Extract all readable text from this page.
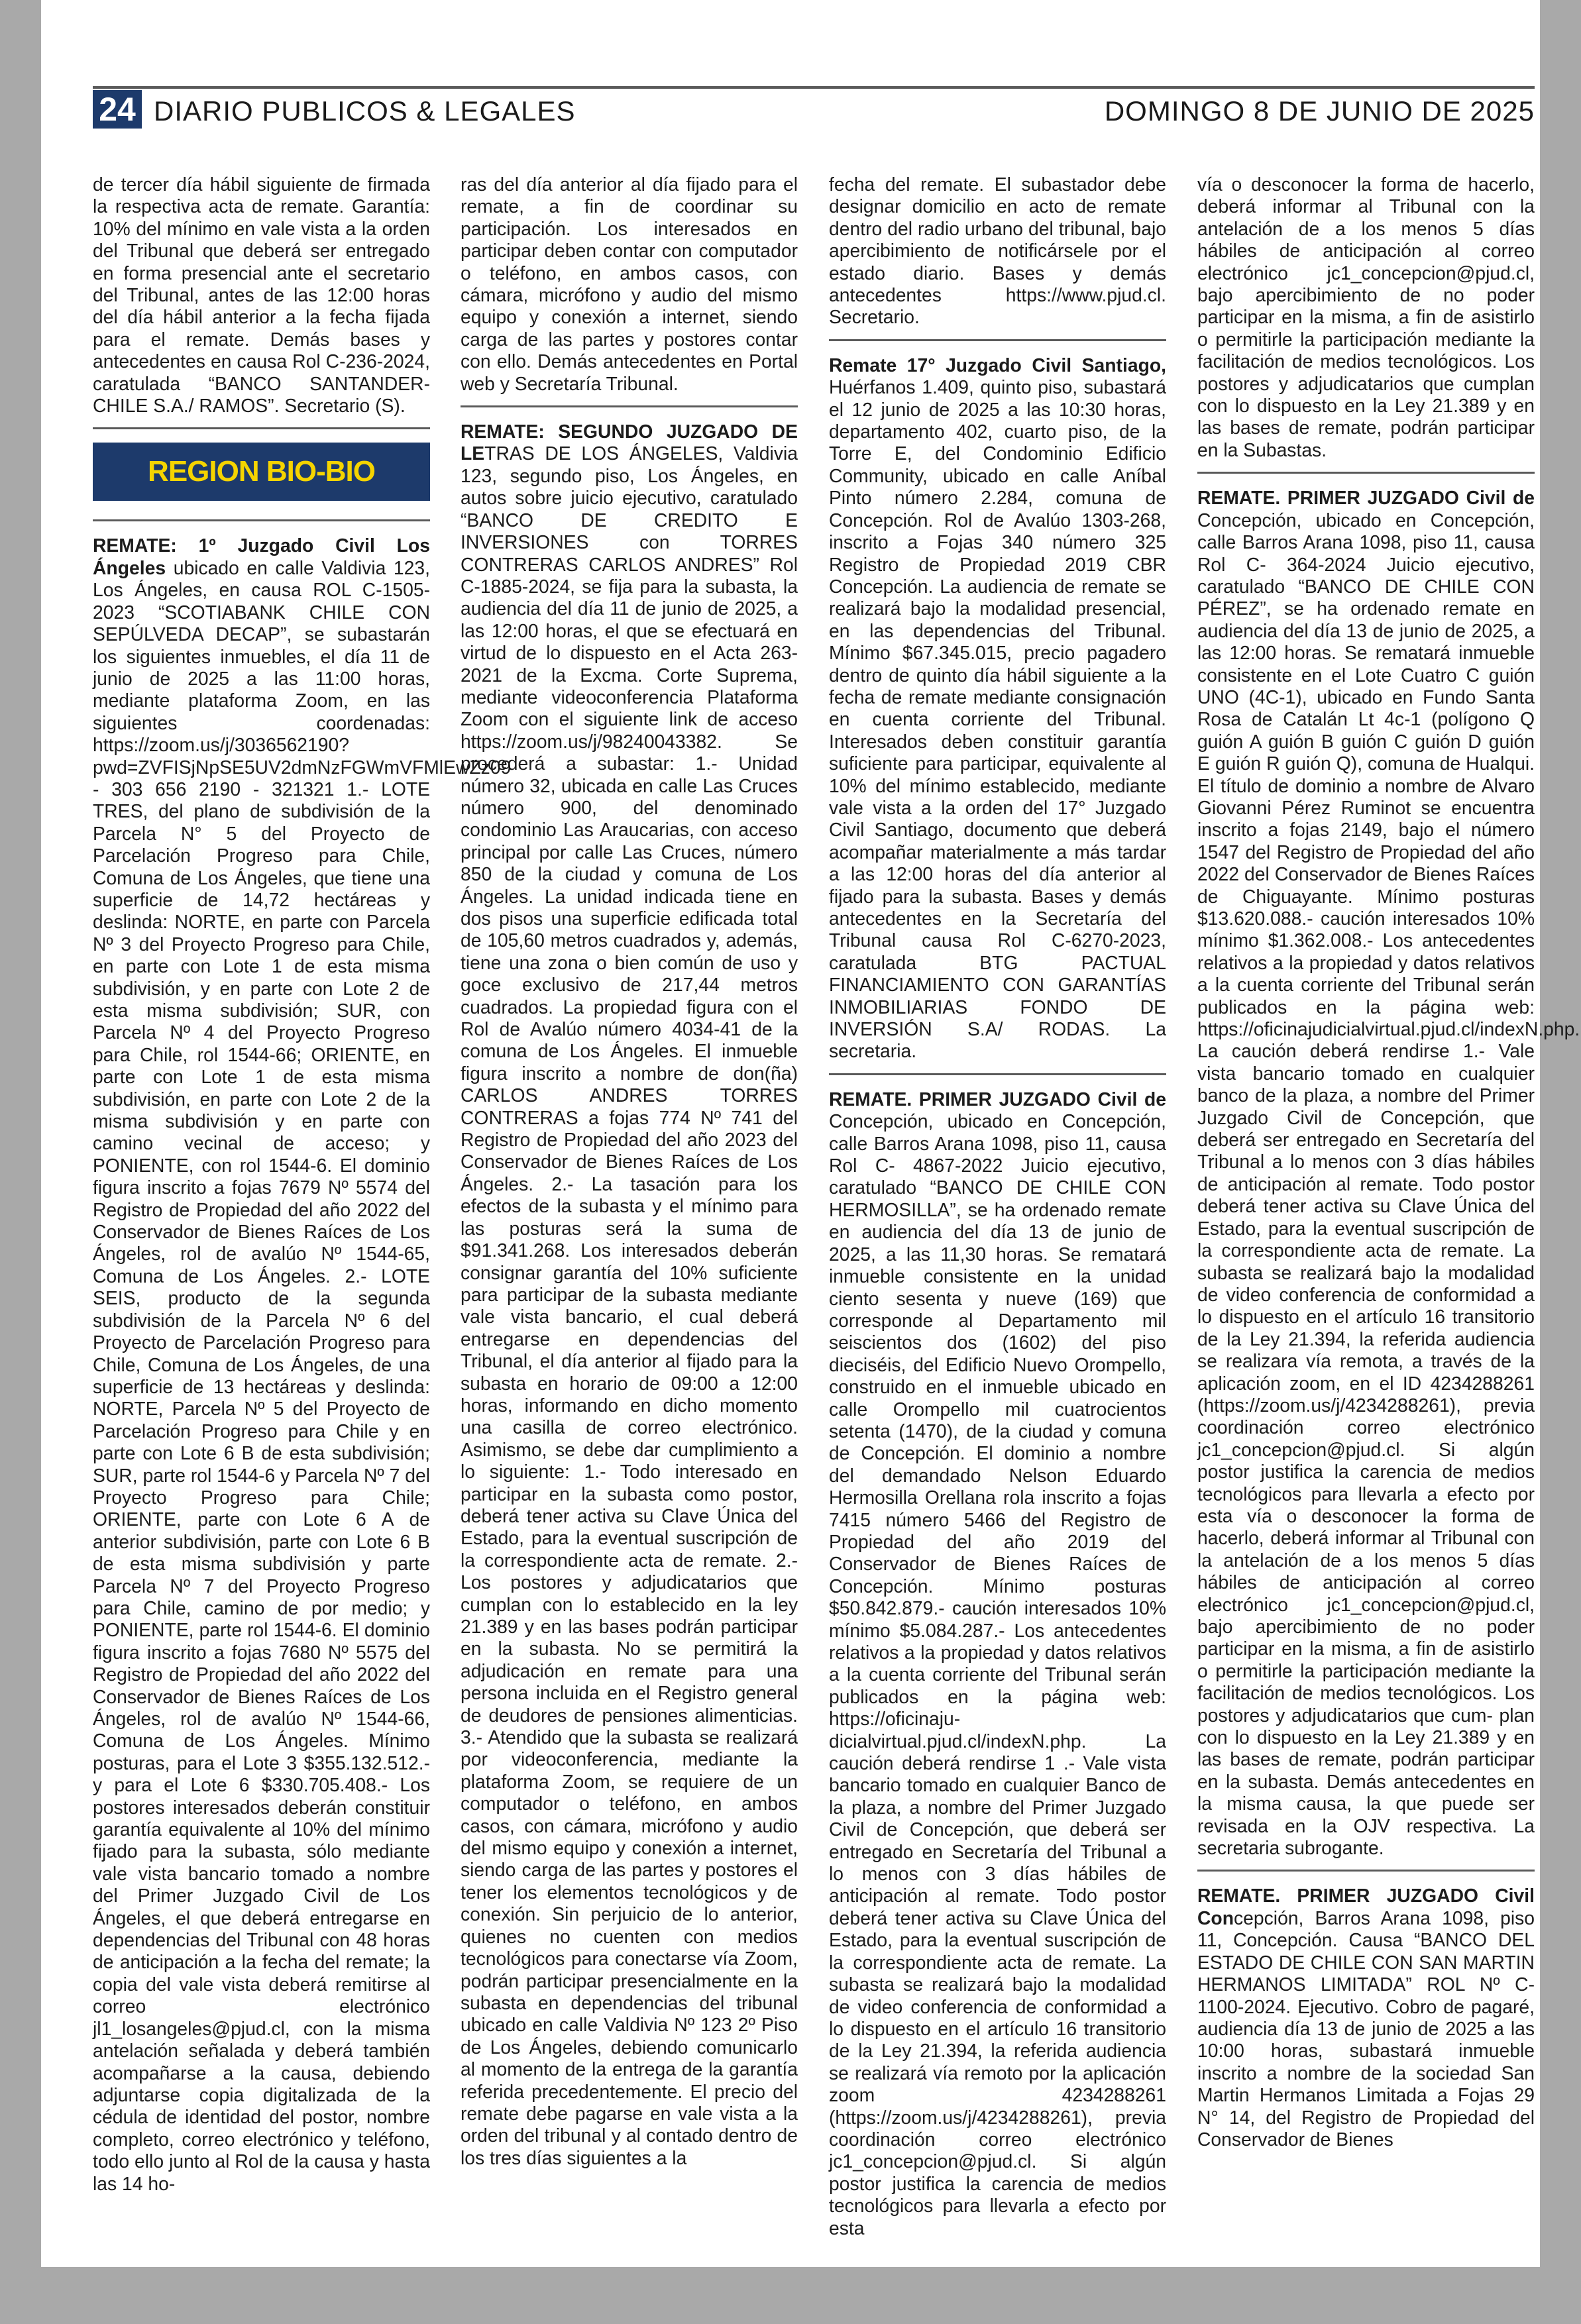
24 DIARIO PUBLICOS & LEGALES	DOMINGO 8 DE JUNIO DE 2025

de tercer día hábil siguiente de firmada la respectiva acta de remate. Garantía: 10% del mínimo en vale vista a la orden del Tribunal que deberá ser entregado en forma presencial ante el secretario del Tribunal, antes de las 12:00 horas del día hábil anterior a la fecha fijada para el remate. Demás bases y antecedentes en causa Rol C-236-2024, caratulada “BANCO SANTANDER-CHILE S.A./ RAMOS”. Secretario (S).

REGION BIO-BIO

REMATE: 1º Juzgado Civil Los Ángeles ubicado en calle Valdivia 123, Los Ángeles, en causa ROL C-1505-2023 “SCOTIABANK CHILE CON SEPÚLVEDA DECAP”, se subastarán los siguientes inmuebles, el día 11 de junio de 2025 a las 11:00 horas, mediante plataforma Zoom, en las siguientes coordenadas: https://zoom.us/j/3036562190?pwd=ZVFISjNpSE5UV2dmNzFGWmVFMlEwZz09 - 303 656 2190 - 321321 1.- LOTE TRES, del plano de subdivisión de la Parcela N° 5 del Proyecto de Parcelación Progreso para Chile, Comuna de Los Ángeles, que tiene una superficie de 14,72 hectáreas y deslinda: NORTE, en parte con Parcela Nº 3 del Proyecto Progreso para Chile, en parte con Lote 1 de esta misma subdivisión, y en parte con Lote 2 de esta misma subdivisión; SUR, con Parcela Nº 4 del Proyecto Progreso para Chile, rol 1544-66; ORIENTE, en parte con Lote 1 de esta misma subdivisión, en parte con Lote 2 de la misma subdivisión y en parte con camino vecinal de acceso; y PONIENTE, con rol 1544-6. El dominio figura inscrito a fojas 7679 Nº 5574 del Registro de Propiedad del año 2022 del Conservador de Bienes Raíces de Los Ángeles, rol de avalúo Nº 1544-65, Comuna de Los Ángeles. 2.- LOTE SEIS, producto de la segunda subdivisión de la Parcela Nº 6 del Proyecto de Parcelación Progreso para Chile, Comuna de Los Ángeles, de una superficie de 13 hectáreas y deslinda: NORTE, Parcela Nº 5 del Proyecto de Parcelación Progreso para Chile y en parte con Lote 6 B de esta subdivisión; SUR, parte rol 1544-6 y Parcela Nº 7 del Proyecto Progreso para Chile; ORIENTE, parte con Lote 6 A de anterior subdivisión, parte con Lote 6 B de esta misma subdivisión y parte Parcela Nº 7 del Proyecto Progreso para Chile, camino de por medio; y PONIENTE, parte rol 1544-6. El dominio figura inscrito a fojas 7680 Nº 5575 del Registro de Propiedad del año 2022 del Conservador de Bienes Raíces de Los Ángeles, rol de avalúo Nº 1544-66, Comuna de Los Ángeles. Mínimo posturas, para el Lote 3 $355.132.512.- y para el Lote 6 $330.705.408.- Los postores interesados deberán constituir garantía equivalente al 10% del mínimo fijado para la subasta, sólo mediante vale vista bancario tomado a nombre del Primer Juzgado Civil de Los Ángeles, el que deberá entregarse en dependencias del Tribunal con 48 horas de anticipación a la fecha del remate; la copia del vale vista deberá remitirse al correo electrónico jl1_losangeles@pjud.cl, con la misma antelación señalada y deberá también acompañarse a la causa, debiendo adjuntarse copia digitalizada de la cédula de identidad del postor, nombre completo, correo electrónico y teléfono, todo ello junto al Rol de la causa y hasta las 14 ho-

ras del día anterior al día fijado para el remate, a fin de coordinar su participación. Los interesados en participar deben contar con computador o teléfono, en ambos casos, con cámara, micrófono y audio del mismo equipo y conexión a internet, siendo carga de las partes y postores contar con ello. Demás antecedentes en Portal web y Secretaría Tribunal.

REMATE: SEGUNDO JUZGADO DE LETRAS DE LOS ÁNGELES, Valdivia 123, segundo piso, Los Ángeles, en autos sobre juicio ejecutivo, caratulado “BANCO DE CREDITO E INVERSIONES con TORRES CONTRERAS CARLOS ANDRES” Rol C-1885-2024, se fija para la subasta, la audiencia del día 11 de junio de 2025, a las 12:00 horas, el que se efectuará en virtud de lo dispuesto en el Acta 263- 2021 de la Excma. Corte Suprema, mediante videoconferencia Plataforma Zoom con el siguiente link de acceso https://zoom.us/j/98240043382. Se procederá a subastar: 1.- Unidad número 32, ubicada en calle Las Cruces número 900, del denominado condominio Las Araucarias, con acceso principal por calle Las Cruces, número 850 de la ciudad y comuna de Los Ángeles. La unidad indicada tiene en dos pisos una superficie edificada total de 105,60 metros cuadrados y, además, tiene una zona o bien común de uso y goce exclusivo de 217,44 metros cuadrados. La propiedad figura con el Rol de Avalúo número 4034-41 de la comuna de Los Ángeles. El inmueble figura inscrito a nombre de don(ña) CARLOS ANDRES TORRES CONTRERAS a fojas 774 Nº 741 del Registro de Propiedad del año 2023 del Conservador de Bienes Raíces de Los Ángeles. 2.- La tasación para los efectos de la subasta y el mínimo para las posturas será la suma de $91.341.268. Los interesados deberán consignar garantía del 10% suficiente para participar de la subasta mediante vale vista bancario, el cual deberá entregarse en dependencias del Tribunal, el día anterior al fijado para la subasta en horario de 09:00 a 12:00 horas, informando en dicho momento una casilla de correo electrónico. Asimismo, se debe dar cumplimiento a lo siguiente: 1.- Todo interesado en participar en la subasta como postor, deberá tener activa su Clave Única del Estado, para la eventual suscripción de la correspondiente acta de remate. 2.- Los postores y adjudicatarios que cumplan con lo establecido en la ley 21.389 y en las bases podrán participar en la subasta. No se permitirá la adjudicación en remate para una persona incluida en el Registro general de deudores de pensiones alimenticias. 3.- Atendido que la subasta se realizará por videoconferencia, mediante la plataforma Zoom, se requiere de un computador o teléfono, en ambos casos, con cámara, micrófono y audio del mismo equipo y conexión a internet, siendo carga de las partes y postores el tener los elementos tecnológicos y de conexión. Sin perjuicio de lo anterior, quienes no cuenten con medios tecnológicos para conectarse vía Zoom, podrán participar presencialmente en la subasta en dependencias del tribunal ubicado en calle Valdivia Nº 123 2º Piso de Los Ángeles, debiendo comunicarlo al momento de la entrega de la garantía referida precedentemente. El precio del remate debe pagarse en vale vista a la orden del tribunal y al contado dentro de los tres días siguientes a la

fecha del remate. El subastador debe designar domicilio en acto de remate dentro del radio urbano del tribunal, bajo apercibimiento de notificársele por el estado diario. Bases y demás antecedentes https://www.pjud.cl. Secretario.

Remate 17° Juzgado Civil Santiago, Huérfanos 1.409, quinto piso, subastará el 12 junio de 2025 a las 10:30 horas, departamento 402, cuarto piso, de la Torre E, del Condominio Edificio Community, ubicado en calle Aníbal Pinto número 2.284, comuna de Concepción. Rol de Avalúo 1303-268, inscrito a Fojas 340 número 325 Registro de Propiedad 2019 CBR Concepción. La audiencia de remate se realizará bajo la modalidad presencial, en las dependencias del Tribunal. Mínimo $67.345.015, precio pagadero dentro de quinto día hábil siguiente a la fecha de remate mediante consignación en cuenta corriente del Tribunal. Interesados deben constituir garantía suficiente para participar, equivalente al 10% del mínimo establecido, mediante vale vista a la orden del 17° Juzgado Civil Santiago, documento que deberá acompañar materialmente a más tardar a las 12:00 horas del día anterior al fijado para la subasta. Bases y demás antecedentes en la Secretaría del Tribunal causa Rol C-6270-2023, caratulada BTG PACTUAL FINANCIAMIENTO CON GARANTÍAS INMOBILIARIAS FONDO DE INVERSIÓN S.A/ RODAS. La secretaria.

REMATE. PRIMER JUZGADO Civil de Concepción, ubicado en Concepción, calle Barros Arana 1098, piso 11, causa Rol C- 4867-2022 Juicio ejecutivo, caratulado “BANCO DE CHILE CON HERMOSILLA”, se ha ordenado remate en audiencia del día 13 de junio de 2025, a las 11,30 horas. Se rematará inmueble consistente en la unidad ciento sesenta y nueve (169) que corresponde al Departamento mil seiscientos dos (1602) del piso dieciséis, del Edificio Nuevo Orompello, construido en el inmueble ubicado en calle Orompello mil cuatrocientos setenta (1470), de la ciudad y comuna de Concepción. El dominio a nombre del demandado Nelson Eduardo Hermosilla Orellana rola inscrito a fojas 7415 número 5466 del Registro de Propiedad del año 2019 del Conservador de Bienes Raíces de Concepción. Mínimo posturas $50.842.879.- caución interesados 10% mínimo $5.084.287.- Los antecedentes relativos a la propiedad y datos relativos a la cuenta corriente del Tribunal serán publicados en la página web: https://oficinaju- dicialvirtual.pjud.cl/indexN.php. La caución deberá rendirse 1 .- Vale vista bancario tomado en cualquier Banco de la plaza, a nombre del Primer Juzgado Civil de Concepción, que deberá ser entregado en Secretaría del Tribunal a lo menos con 3 días hábiles de anticipación al remate. Todo postor deberá tener activa su Clave Única del Estado, para la eventual suscripción de la correspondiente acta de remate. La subasta se realizará bajo la modalidad de video conferencia de conformidad a lo dispuesto en el artículo 16 transitorio de la Ley 21.394, la referida audiencia se realizará vía remoto por la aplicación zoom 4234288261 (https://zoom.us/j/4234288261), previa coordinación correo electrónico jc1_concepcion@pjud.cl. Si algún postor justifica la carencia de medios tecnológicos para llevarla a efecto por esta

vía o desconocer la forma de hacerlo, deberá informar al Tribunal con la antelación de a los menos 5 días hábiles de anticipación al correo electrónico jc1_concepcion@pjud.cl, bajo apercibimiento de no poder participar en la misma, a fin de asistirlo o permitirle la participación mediante la facilitación de medios tecnológicos. Los postores y adjudicatarios que cumplan con lo dispuesto en la Ley 21.389 y en las bases de remate, podrán participar en la Subastas.

REMATE. PRIMER JUZGADO Civil de Concepción, ubicado en Concepción, calle Barros Arana 1098, piso 11, causa Rol C- 364-2024 Juicio ejecutivo, caratulado “BANCO DE CHILE CON PÉREZ”, se ha ordenado remate en audiencia del día 13 de junio de 2025, a las 12:00 horas. Se rematará inmueble consistente en el Lote Cuatro C guión UNO (4C-1), ubicado en Fundo Santa Rosa de Catalán Lt 4c-1 (polígono Q guión A guión B guión C guión D guión E guión R guión Q), comuna de Hualqui. El título de dominio a nombre de Alvaro Giovanni Pérez Ruminot se encuentra inscrito a fojas 2149, bajo el número 1547 del Registro de Propiedad del año 2022 del Conservador de Bienes Raíces de Chiguayante. Mínimo posturas $13.620.088.- caución interesados 10% mínimo $1.362.008.- Los antecedentes relativos a la propiedad y datos relativos a la cuenta corriente del Tribunal serán publicados en la página web: https://oficinajudicialvirtual.pjud.cl/indexN.php. La caución deberá rendirse 1.- Vale vista bancario tomado en cualquier banco de la plaza, a nombre del Primer Juzgado Civil de Concepción, que deberá ser entregado en Secretaría del Tribunal a lo menos con 3 días hábiles de anticipación al remate. Todo postor deberá tener activa su Clave Única del Estado, para la eventual suscripción de la correspondiente acta de remate. La subasta se realizará bajo la modalidad de video conferencia de conformidad a lo dispuesto en el artículo 16 transitorio de la Ley 21.394, la referida audiencia se realizara vía remota, a través de la aplicación zoom, en el ID 4234288261 (https://zoom.us/j/4234288261), previa coordinación correo electrónico jc1_concepcion@pjud.cl. Si algún postor justifica la carencia de medios tecnológicos para llevarla a efecto por esta vía o desconocer la forma de hacerlo, deberá informar al Tribunal con la antelación de a los menos 5 días hábiles de anticipación al correo electrónico jc1_concepcion@pjud.cl, bajo apercibimiento de no poder participar en la misma, a fin de asistirlo o permitirle la participación mediante la facilitación de medios tecnológicos. Los postores y adjudicatarios que cum- plan con lo dispuesto en la Ley 21.389 y en las bases de remate, podrán participar en la subasta. Demás antecedentes en la misma causa, la que puede ser revisada en la OJV respectiva. La secretaria subrogante.

REMATE. PRIMER JUZGADO Civil Concepción, Barros Arana 1098, piso 11, Concepción. Causa “BANCO DEL ESTADO DE CHILE CON SAN MARTIN HERMANOS LIMITADA” ROL Nº C-1100-2024. Ejecutivo. Cobro de pagaré, audiencia día 13 de junio de 2025 a las 10:00 horas, subastará inmueble inscrito a nombre de la sociedad San Martin Hermanos Limitada a Fojas 29 N° 14, del Registro de Propiedad del Conservador de Bienes
